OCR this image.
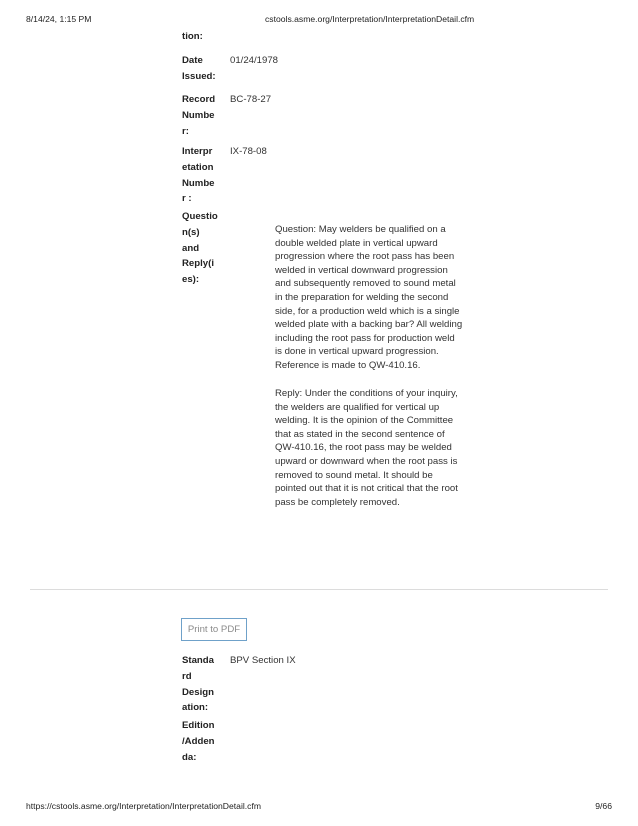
8/14/24, 1:15 PM	cstools.asme.org/Interpretation/InterpretationDetail.cfm
tion:
Date
Issued:
01/24/1978
Record
Numbe
r:
BC-78-27
Interpr
etation
Numbe
r :
IX-78-08
Questio
n(s)
and
Reply(i
es):
Question: May welders be qualified on a
double welded plate in vertical upward
progression where the root pass has been
welded in vertical downward progression
and subsequently removed to sound metal
in the preparation for welding the second
side, for a production weld which is a single
welded plate with a backing bar? All welding
including the root pass for production weld
is done in vertical upward progression.
Reference is made to QW-410.16.
Reply: Under the conditions of your inquiry,
the welders are qualified for vertical up
welding. It is the opinion of the Committee
that as stated in the second sentence of
QW-410.16, the root pass may be welded
upward or downward when the root pass is
removed to sound metal. It should be
pointed out that it is not critical that the root
pass be completely removed.
Print to PDF
Standa
rd
Design
ation:
BPV Section IX
Edition
/Adden
da:
https://cstools.asme.org/Interpretation/InterpretationDetail.cfm	9/66
